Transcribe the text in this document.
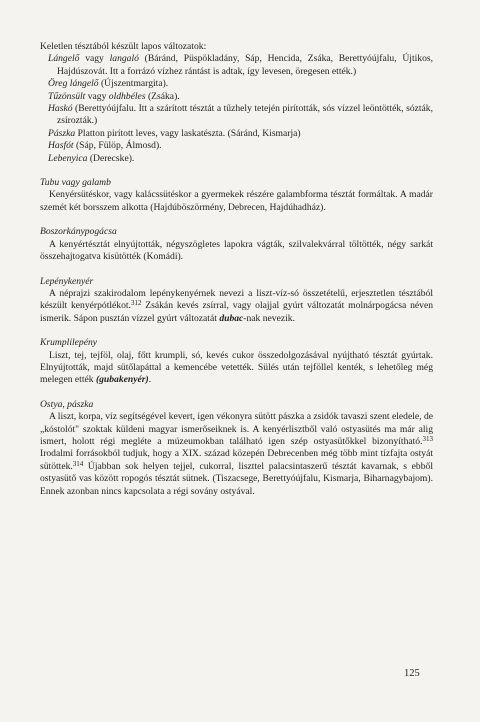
Keletlen tésztából készült lapos változatok:

Lángelő vagy langaló (Báránd, Püspökladány, Sáp, Hencida, Zsáka, Berettyóújfalu, Újtikos, Hajdúszovát. Itt a forrázó vízhez rántást is adtak, így levesen, öregesen ették.)

Öreg lángelő (Újszentmargita).

Tűzönsült vagy oldhbéles (Zsáka).

Haskó (Berettyóújfalu. Itt a szárított tésztát a tűzhely tetején pirították, sós vízzel leöntötték, sózták, zsírozták.)

Pászka Platton pirított leves, vagy laskatészta. (Sáránd, Kismarja)

Hasfót (Sáp, Fülöp, Álmosd).

Lebenyica (Derecske).

Tubu vagy galamb

Kenyérsütéskor, vagy kalácssütéskor a gyermekek részére galambforma tésztát formáltak. A madár szemét két borsszem alkotta (Hajdúböszörmény, Debrecen, Hajdúhadház).

Boszorkánypogácsa

A kenyértésztát elnyújtották, négyszögletes lapokra vágták, szilvalekvárral töltötték, négy sarkát összehajtogatva kisütötték (Komádi).

Lepénykenyér

A néprajzi szakirodalom lepénykenyérnek nevezi a liszt-víz-só összetételű, erjesztetlen tésztából készült kenyérpótlékot.$^{312}$ Zsákán kevés zsírral, vagy olajjal gyúrt változatát molnárpogácsa néven ismerik. Sápon pusztán vízzel gyúrt változatát dubac-nak nevezik.

Krumplilepény

Liszt, tej, tejföl, olaj, főtt krumpli, só, kevés cukor összedolgozásával nyújtható tésztát gyúrtak. Elnyújtották, majd sütőlapáttal a kemencébe vetették. Sülés után tejföllel kenték, s lehetőleg még melegen ették (gubakenyér).

Ostya, pászka

A liszt, korpa, víz segítségével kevert, igen vékonyra sütött pászka a zsidók tavaszi szent eledele, de „kóstolót" szoktak küldeni magyar ismerőseiknek is. A kenyérlisztből való ostyasütés ma már alig ismert, holott régi megléte a múzeumokban található igen szép ostyasütőkkel bizonyítható.$^{313}$ Irodalmi forrásokból tudjuk, hogy a XIX. század közepén Debrecenben még több mint tízfajta ostyát sütöttek.$^{314}$ Újabban sok helyen tejjel, cukorral, liszttel palacsintaszerű tésztát kavarnak, s ebből ostyasütő vas között ropogós tésztát sütnek. (Tiszacsege, Berettyóújfalu, Kismarja, Biharnagybajom). Ennek azonban nincs kapcsolata a régi sovány ostyával.

125
